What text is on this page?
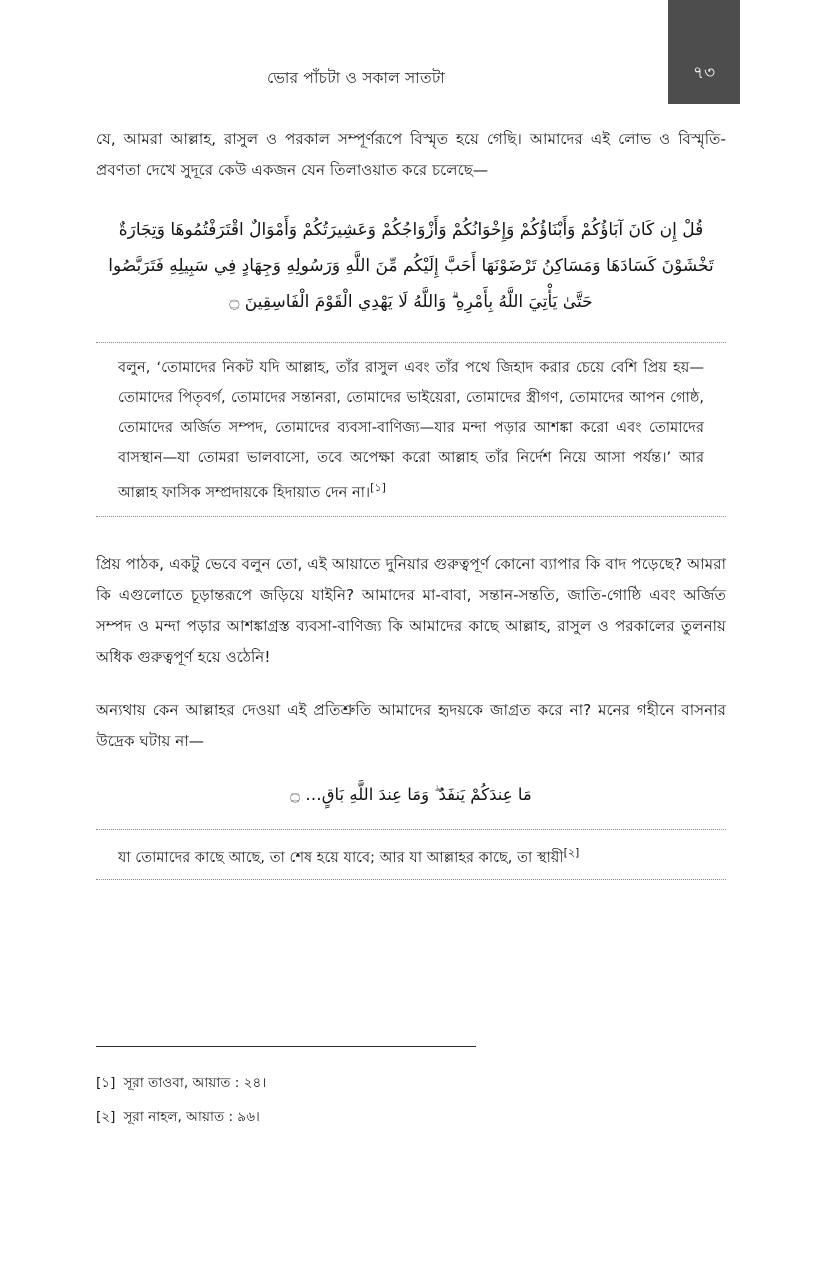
ভোর পাঁচটা ও সকাল সাতটা	৭৩

যে, আমরা আল্লাহ, রাসুল ও পরকাল সম্পূর্ণরূপে বিস্মৃত হয়ে গেছি। আমাদের এই লোভ ও বিস্মৃতি-প্রবণতা দেখে সুদূরে কেউ একজন যেন তিলাওয়াত করে চলেছে—

قُلْ إِن كَانَ آبَاؤُكُمْ وَأَبْنَاؤُكُمْ وَإِخْوَانُكُمْ وَأَزْوَاجُكُمْ وَعَشِيرَتُكُمْ وَأَمْوَالٌ اقْتَرَفْتُمُوهَا وَتِجَارَةٌ تَخْشَوْنَ كَسَادَهَا وَمَسَاكِنُ تَرْضَوْنَهَا أَحَبَّ إِلَيْكُم مِّنَ اللَّهِ وَرَسُولِهِ وَجِهَادٍ فِي سَبِيلِهِ فَتَرَبَّصُوا حَتَّىٰ يَأْتِيَ اللَّهُ بِأَمْرِهِ ۗ وَاللَّهُ لَا يَهْدِي الْقَوْمَ الْفَاسِقِينَ ۝

বলুন, ‘তোমাদের নিকট যদি আল্লাহ, তাঁর রাসুল এবং তাঁর পথে জিহাদ করার চেয়ে বেশি প্রিয় হয়—তোমাদের পিতৃবর্গ, তোমাদের সন্তানরা, তোমাদের ভাইয়েরা, তোমাদের স্ত্রীগণ, তোমাদের আপন গোষ্ঠ, তোমাদের অর্জিত সম্পদ, তোমাদের ব্যবসা-বাণিজ্য—যার মন্দা পড়ার আশঙ্কা করো এবং তোমাদের বাসস্থান—যা তোমরা ভালবাসো, তবে অপেক্ষা করো আল্লাহ তাঁর নির্দেশ নিয়ে আসা পর্যন্ত।’ আর আল্লাহ ফাসিক সম্প্রদায়কে হিদায়াত দেন না।[১]

প্রিয় পাঠক, একটু ভেবে বলুন তো, এই আয়াতে দুনিয়ার গুরুত্বপূর্ণ কোনো ব্যাপার কি বাদ পড়েছে? আমরা কি এগুলোতে চূড়ান্তরূপে জড়িয়ে যাইনি? আমাদের মা-বাবা, সন্তান-সন্ততি, জাতি-গোষ্ঠি এবং অর্জিত সম্পদ ও মন্দা পড়ার আশঙ্কাগ্রস্ত ব্যবসা-বাণিজ্য কি আমাদের কাছে আল্লাহ, রাসুল ও পরকালের তুলনায় অধিক গুরুত্বপূর্ণ হয়ে ওঠেনি!

অন্যথায় কেন আল্লাহর দেওয়া এই প্রতিশ্রুতি আমাদের হৃদয়কে জাগ্রত করে না? মনের গহীনে বাসনার উদ্রেক ঘটায় না—

مَا عِندَكُمْ يَنفَدُ ۖ وَمَا عِندَ اللَّهِ بَاقٍ… ۝

যা তোমাদের কাছে আছে, তা শেষ হয়ে যাবে; আর যা আল্লাহর কাছে, তা স্থায়ী[২]

[১] সূরা তাওবা, আয়াত : ২৪।
[২] সূরা নাহল, আয়াত : ৯৬।
